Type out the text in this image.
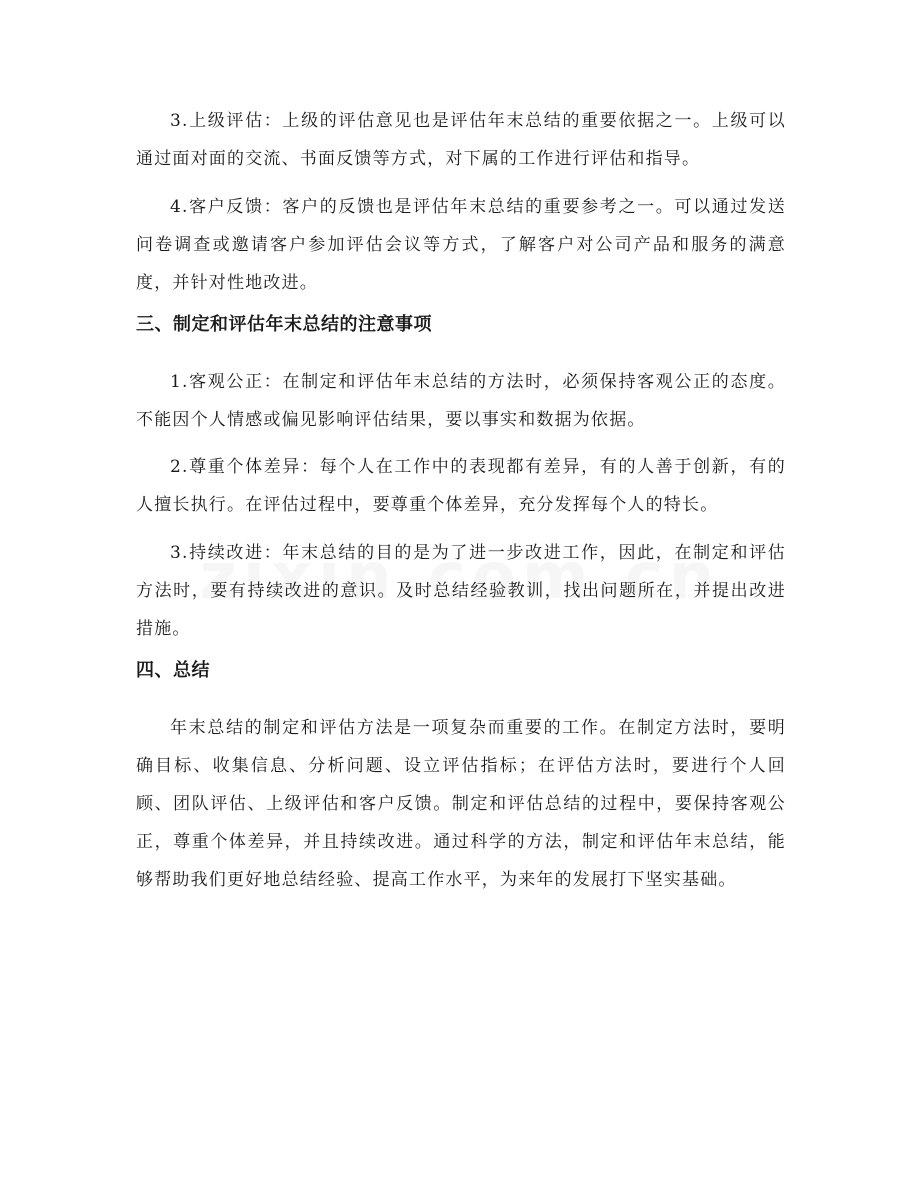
3.上级评估：上级的评估意见也是评估年末总结的重要依据之一。上级可以通过面对面的交流、书面反馈等方式，对下属的工作进行评估和指导。

4.客户反馈：客户的反馈也是评估年末总结的重要参考之一。可以通过发送问卷调查或邀请客户参加评估会议等方式，了解客户对公司产品和服务的满意度，并针对性地改进。

三、制定和评估年末总结的注意事项

1.客观公正：在制定和评估年末总结的方法时，必须保持客观公正的态度。不能因个人情感或偏见影响评估结果，要以事实和数据为依据。

2.尊重个体差异：每个人在工作中的表现都有差异，有的人善于创新，有的人擅长执行。在评估过程中，要尊重个体差异，充分发挥每个人的特长。

3.持续改进：年末总结的目的是为了进一步改进工作，因此，在制定和评估方法时，要有持续改进的意识。及时总结经验教训，找出问题所在，并提出改进措施。

四、总结

年末总结的制定和评估方法是一项复杂而重要的工作。在制定方法时，要明确目标、收集信息、分析问题、设立评估指标；在评估方法时，要进行个人回顾、团队评估、上级评估和客户反馈。制定和评估总结的过程中，要保持客观公正，尊重个体差异，并且持续改进。通过科学的方法，制定和评估年末总结，能够帮助我们更好地总结经验、提高工作水平，为来年的发展打下坚实基础。
